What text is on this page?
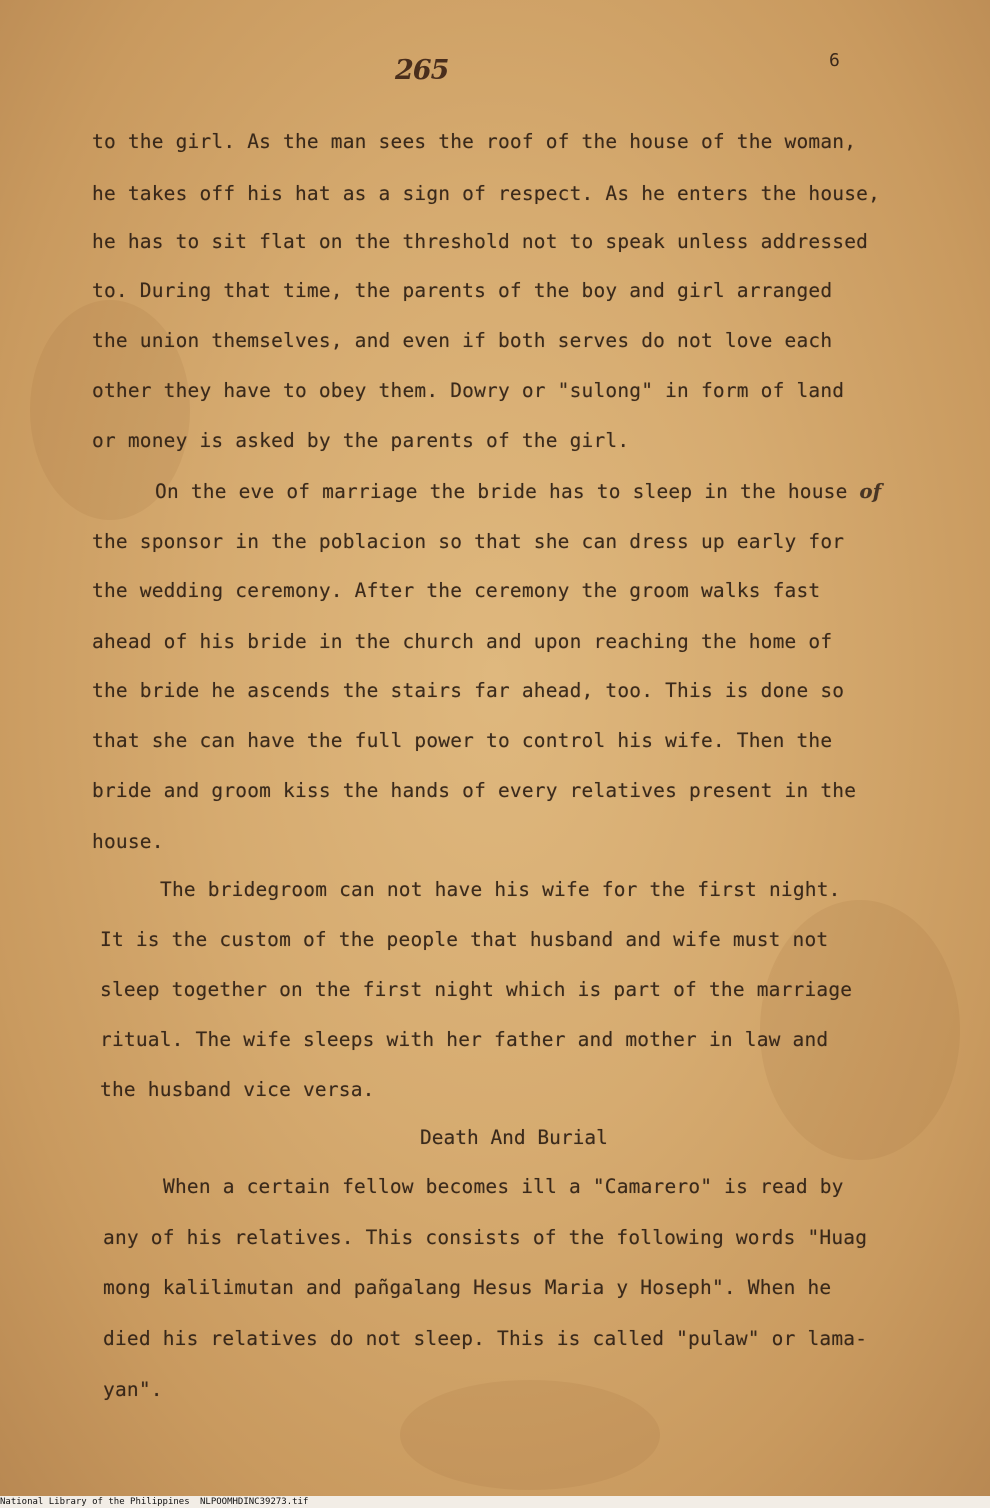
265	6
to the girl. As the man sees the roof of the house of the woman,
he takes off his hat as a sign of respect. As he enters the house,
he has to sit flat on the threshold not to speak unless addressed
to. During that time, the parents of the boy and girl arranged
the union themselves, and even if both serves do not love each
other they have to obey them. Dowry or "sulong" in form of land
or money is asked by the parents of the girl.
On the eve of marriage the bride has to sleep in the house of
the sponsor in the poblacion so that she can dress up early for
the wedding ceremony. After the ceremony the groom walks fast
ahead of his bride in the church and upon reaching the home of
the bride he ascends the stairs far ahead, too. This is done so
that she can have the full power to control his wife. Then the
bride and groom kiss the hands of every relatives present in the
house.
The bridegroom can not have his wife for the first night.
It is the custom of the people that husband and wife must not
sleep together on the first night which is part of the marriage
ritual. The wife sleeps with her father and mother in law and
the husband vice versa.
Death And Burial
When a certain fellow becomes ill a "Camarero" is read by
any of his relatives. This consists of the following words "Huag
mong kalilimutan and pañgalang Hesus Maria y Hoseph". When he
died his relatives do not sleep. This is called "pulaw" or lama-
yan".
National Library of the Philippines NLPOOMHDINC39273.tif
